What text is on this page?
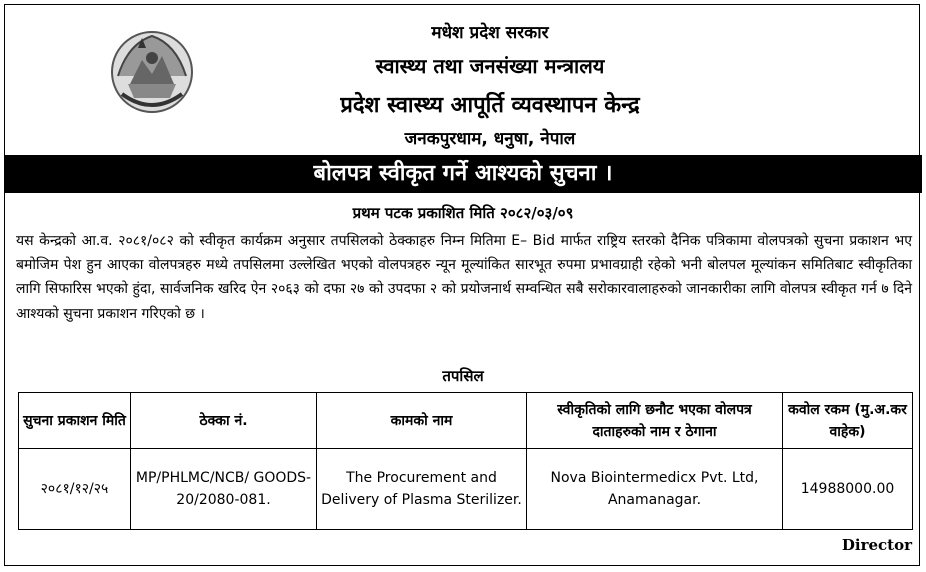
मधेश प्रदेश सरकार
स्वास्थ्य तथा जनसंख्या मन्त्रालय
प्रदेश स्वास्थ्य आपूर्ति व्यवस्थापन केन्द्र
जनकपुरधाम, धनुषा, नेपाल
बोलपत्र स्वीकृत गर्ने आश्यको सुचना ।
प्रथम पटक प्रकाशित मिति २०८२/०३/०९

यस केन्द्रको आ.व. २०८१/०८२ को स्वीकृत कार्यक्रम अनुसार तपसिलको ठेक्काहरु निम्न मितिमा E– Bid मार्फत राष्ट्रिय स्तरको दैनिक पत्रिकामा वोलपत्रको सुचना प्रकाशन भए बमोजिम पेश हुन आएका वोलपत्रहरु मध्ये तपसिलमा उल्लेखित भएको वोलपत्रहरु न्यून मूल्यांकित सारभूत रुपमा प्रभावग्राही रहेको भनी बोलपल मूल्यांकन समितिबाट स्वीकृतिका लागि सिफारिस भएको हुंदा, सार्वजनिक खरिद ऐन २०६३ को दफा २७ को उपदफा २ को प्रयोजनार्थ सम्वन्धित सबै सरोकारवालाहरुको जानकारीका लागि वोलपत्र स्वीकृत गर्न ७ दिने आश्यको सुचना प्रकाशन गरिएको छ ।

तपसिल
सुचना प्रकाशन मिति	ठेक्का नं.	कामको नाम	स्वीकृतिको लागि छनौट भएका वोलपत्र दाताहरुको नाम र ठेगाना	कवोल रकम (मु.अ.कर वाहेक)
२०८१/१२/२५	MP/PHLMC/NCB/ GOODS-20/2080-081.	The Procurement and Delivery of Plasma Sterilizer.	Nova Biointermedicx Pvt. Ltd, Anamanagar.	14988000.00
Director
